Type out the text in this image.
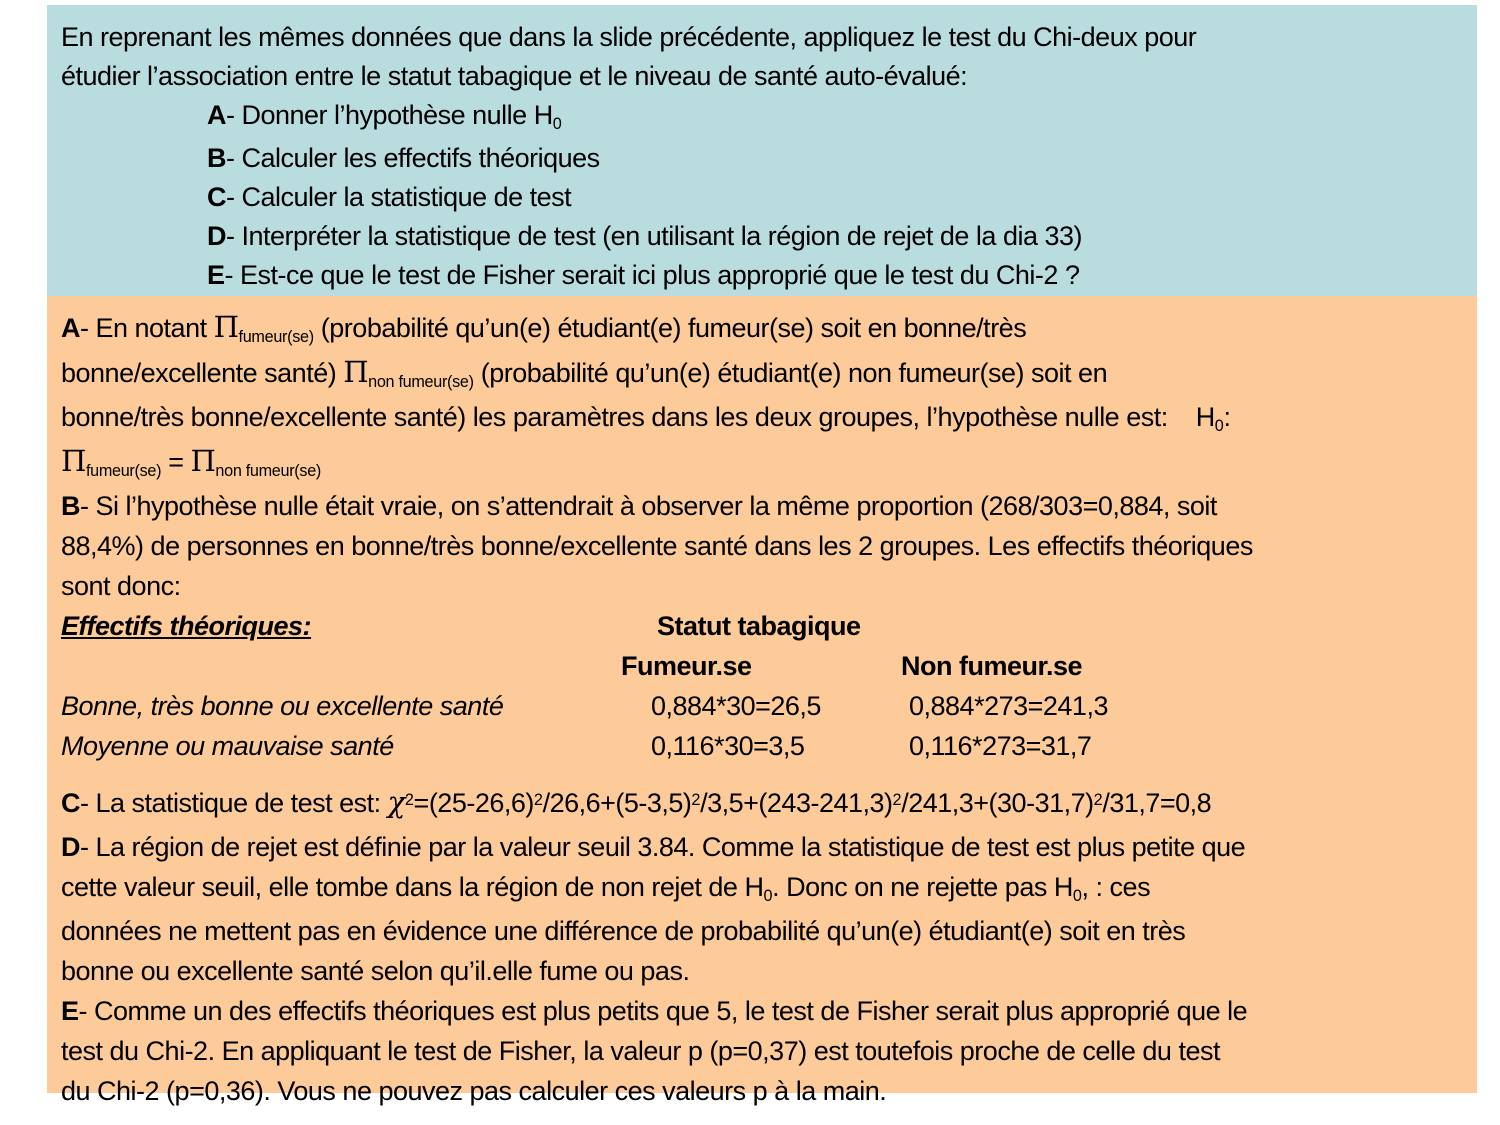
En reprenant les mêmes données que dans la slide précédente, appliquez le test du Chi-deux pour
étudier l’association entre le statut tabagique et le niveau de santé auto-évalué:
A- Donner l’hypothèse nulle H0
B- Calculer les effectifs théoriques
C- Calculer la statistique de test
D- Interpréter la statistique de test (en utilisant la région de rejet de la dia 33)
E- Est-ce que le test de Fisher serait ici plus approprié que le test du Chi-2 ?
A- En notant Πfumeur(se) (probabilité qu’un(e) étudiant(e) fumeur(se) soit en bonne/très
bonne/excellente santé) Πnon fumeur(se) (probabilité qu’un(e) étudiant(e) non fumeur(se) soit en
bonne/très bonne/excellente santé) les paramètres dans les deux groupes, l’hypothèse nulle est:    H0:
Πfumeur(se) = Πnon fumeur(se)
B- Si l’hypothèse nulle était vraie, on s’attendrait à observer la même proportion (268/303=0,884, soit
88,4%) de personnes en bonne/très bonne/excellente santé dans les 2 groupes. Les effectifs théoriques
sont donc:
Effectifs théoriques:	Statut tabagique
Fumeur.se	Non fumeur.se
Bonne, très bonne ou excellente santé	0,884*30=26,5	0,884*273=241,3
Moyenne ou mauvaise santé	0,116*30=3,5	0,116*273=31,7
C- La statistique de test est: $\chi^2=(25-26,6)^2/26,6+(5-3,5)^2/3,5+(243-241,3)^2/241,3+(30-31,7)^2/31,7=0,8$
D- La région de rejet est définie par la valeur seuil 3.84. Comme la statistique de test est plus petite que
cette valeur seuil, elle tombe dans la région de non rejet de H0. Donc on ne rejette pas H0, : ces
données ne mettent pas en évidence une différence de probabilité qu’un(e) étudiant(e) soit en très
bonne ou excellente santé selon qu’il.elle fume ou pas.
E- Comme un des effectifs théoriques est plus petits que 5, le test de Fisher serait plus approprié que le
test du Chi-2. En appliquant le test de Fisher, la valeur p (p=0,37) est toutefois proche de celle du test
du Chi-2 (p=0,36). Vous ne pouvez pas calculer ces valeurs p à la main.
